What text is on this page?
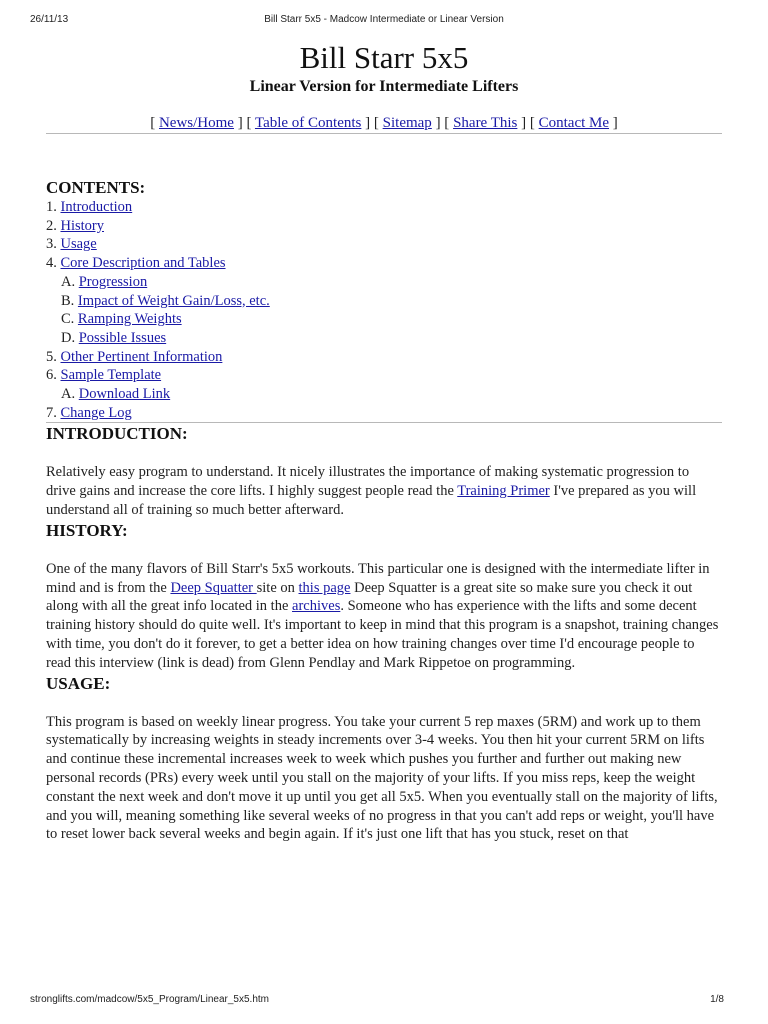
26/11/13	Bill Starr 5x5 - Madcow Intermediate or Linear Version
Bill Starr 5x5
Linear Version for Intermediate Lifters
[ News/Home ] [ Table of Contents ] [ Sitemap ] [ Share This ] [ Contact Me ]
CONTENTS:
1. Introduction
2. History
3. Usage
4. Core Description and Tables
A. Progression
B. Impact of Weight Gain/Loss, etc.
C. Ramping Weights
D. Possible Issues
5. Other Pertinent Information
6. Sample Template
A. Download Link
7. Change Log
INTRODUCTION:

Relatively easy program to understand. It nicely illustrates the importance of making systematic progression to drive gains and increase the core lifts. I highly suggest people read the Training Primer I've prepared as you will understand all of training so much better afterward.

HISTORY:

One of the many flavors of Bill Starr's 5x5 workouts. This particular one is designed with the intermediate lifter in mind and is from the Deep Squatter site on this page Deep Squatter is a great site so make sure you check it out along with all the great info located in the archives. Someone who has experience with the lifts and some decent training history should do quite well. It's important to keep in mind that this program is a snapshot, training changes with time, you don't do it forever, to get a better idea on how training changes over time I'd encourage people to read this interview (link is dead) from Glenn Pendlay and Mark Rippetoe on programming.

USAGE:

This program is based on weekly linear progress. You take your current 5 rep maxes (5RM) and work up to them systematically by increasing weights in steady increments over 3-4 weeks. You then hit your current 5RM on lifts and continue these incremental increases week to week which pushes you further and further out making new personal records (PRs) every week until you stall on the majority of your lifts. If you miss reps, keep the weight constant the next week and don't move it up until you get all 5x5. When you eventually stall on the majority of lifts, and you will, meaning something like several weeks of no progress in that you can't add reps or weight, you'll have to reset lower back several weeks and begin again. If it's just one lift that has you stuck, reset on that

stronglifts.com/madcow/5x5_Program/Linear_5x5.htm	1/8
